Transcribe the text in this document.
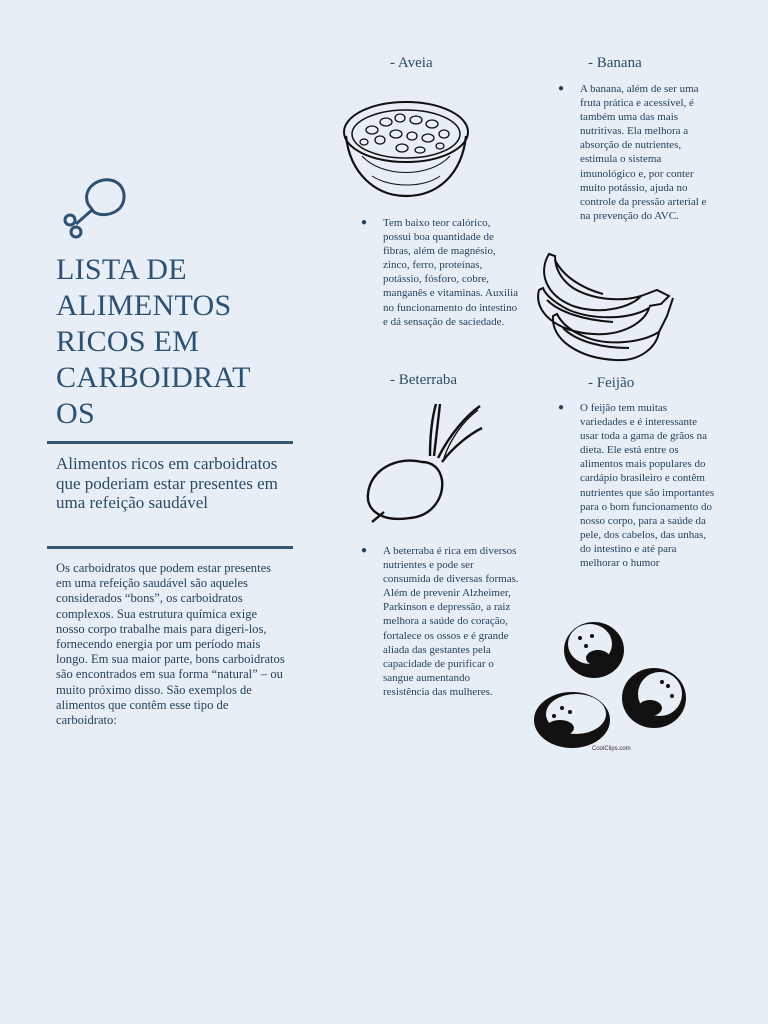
LISTA DE
ALIMENTOS
RICOS EM
CARBOIDRAT
OS
Alimentos ricos em carboidratos que poderiam estar presentes em uma refeição saudável
Os carboidratos que podem estar presentes em uma refeição saudável são aqueles considerados “bons”, os carboidratos complexos. Sua estrutura química exige nosso corpo trabalhe mais para digeri-los, fornecendo energia por um período mais longo. Em sua maior parte, bons carboidratos são encontrados em sua forma “natural” – ou muito próximo disso. São exemplos de alimentos que contêm esse tipo de carboidrato:
- Aveia
● Tem baixo teor calórico, possui boa quantidade de fibras, além de magnésio, zinco, ferro, proteínas, potássio, fósforo, cobre, manganês e vitaminas. Auxilia no funcionamento do intestino e dá sensação de saciedade.
- Banana
● A banana, além de ser uma fruta prática e acessível, é também uma das mais nutritivas. Ela melhora a absorção de nutrientes, estimula o sistema imunológico e, por conter muito potássio, ajuda no controle da pressão arterial e na prevenção do AVC.
- Beterraba
● A beterraba é rica em diversos nutrientes e pode ser consumida de diversas formas. Além de prevenir Alzheimer, Parkinson e depressão, a raiz melhora a saúde do coração, fortalece os ossos e é grande aliada das gestantes pela capacidade de purificar o sangue aumentando resistência das mulheres.
- Feijão
● O feijão tem muitas variedades e é interessante usar toda a gama de grãos na dieta. Ele está entre os alimentos mais populares do cardápio brasileiro e contêm nutrientes que são importantes para o bom funcionamento do nosso corpo, para a saúde da pele, dos cabelos, das unhas, do intestino e até para melhorar o humor
CoolClips.com
